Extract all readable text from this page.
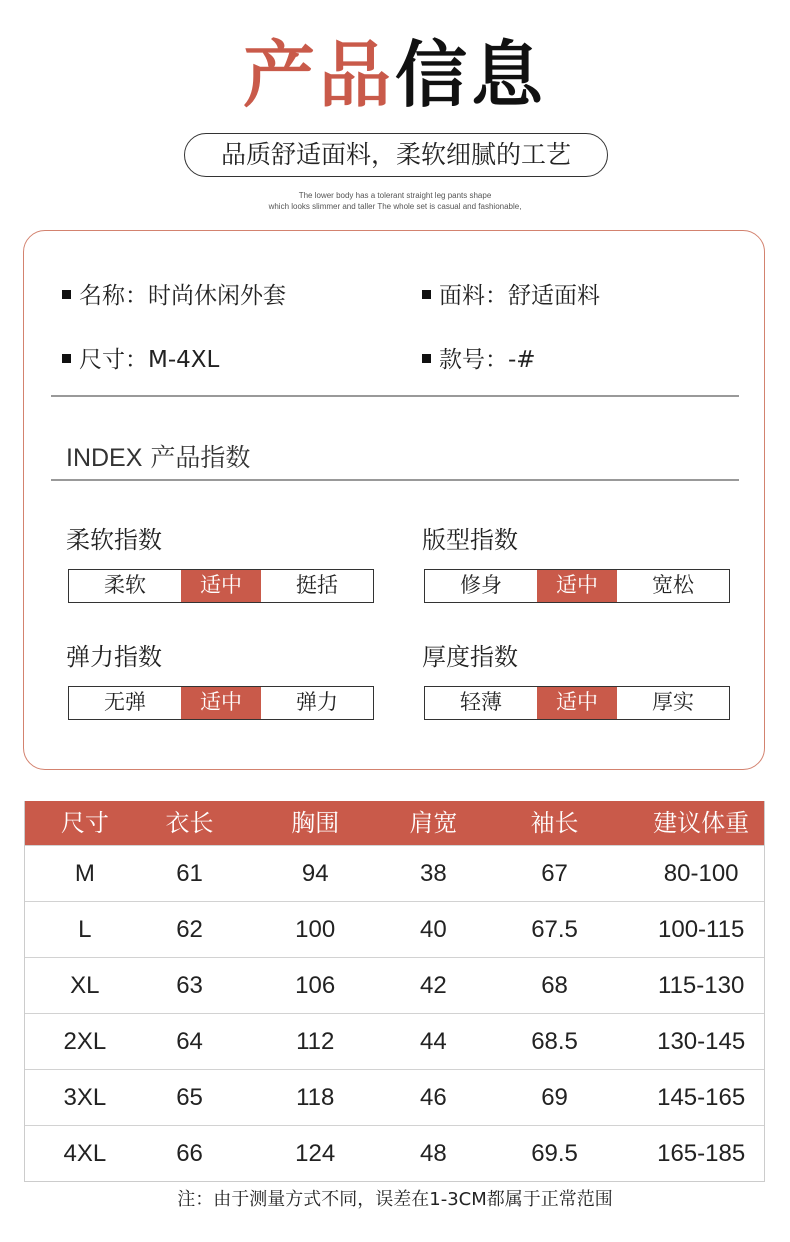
产品信息
品质舒适面料，柔软细腻的工艺
The lower body has a tolerant straight leg pants shape
which looks slimmer and taller The whole set is casual and fashionable,
名称：时尚休闲外套	面料：舒适面料
尺寸：M-4XL	款号：-#
INDEX 产品指数
柔软指数
柔软	适中	挺括
版型指数
修身	适中	宽松
弹力指数
无弹	适中	弹力
厚度指数
轻薄	适中	厚实
尺寸	衣长	胸围	肩宽	袖长	建议体重
M	61	94	38	67	80-100
L	62	100	40	67.5	100-115
XL	63	106	42	68	115-130
2XL	64	112	44	68.5	130-145
3XL	65	118	46	69	145-165
4XL	66	124	48	69.5	165-185
注：由于测量方式不同，误差在1-3CM都属于正常范围
